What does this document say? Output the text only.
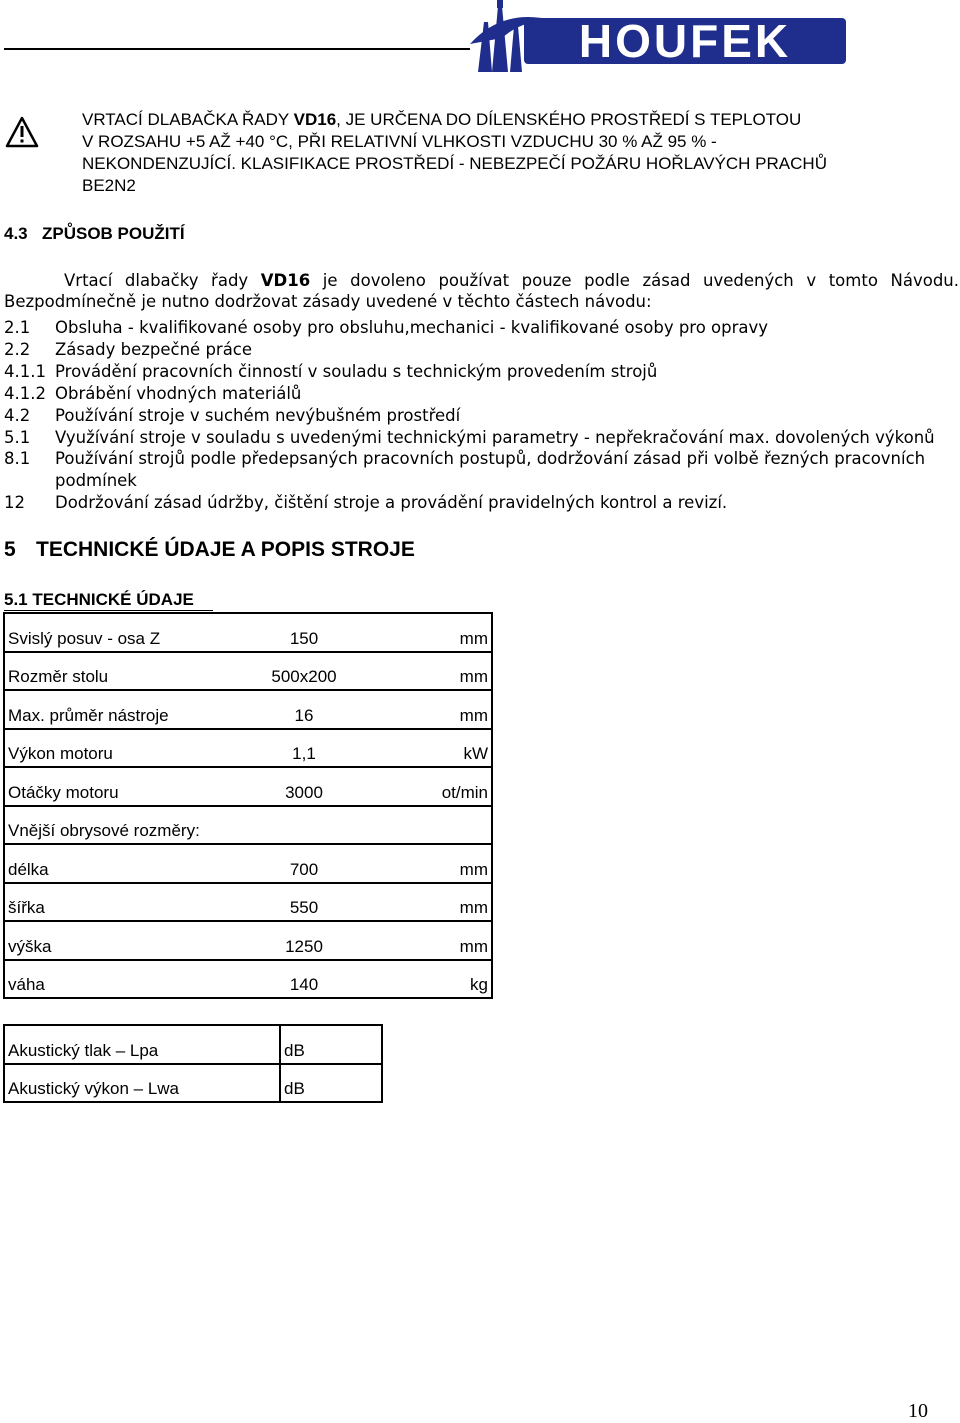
HOUFEK
VRTACÍ DLABAČKA ŘADY VD16, JE URČENA DO DÍLENSKÉHO PROSTŘEDÍ S TEPLOTOU
V ROZSAHU +5 AŽ +40 °C, PŘI RELATIVNÍ VLHKOSTI VZDUCHU 30 % AŽ 95 % -
NEKONDENZUJÍCÍ. KLASIFIKACE PROSTŘEDÍ - NEBEZPEČÍ POŽÁRU HOŘLAVÝCH PRACHŮ
BE2N2
4.3 ZPŮSOB POUŽITÍ
Vrtací dlabačky řady VD16 je dovoleno používat pouze podle zásad uvedených v tomto Návodu.
Bezpodmínečně je nutno dodržovat zásady uvedené v těchto částech návodu:
2.1	Obsluha - kvalifikované osoby pro obsluhu,mechanici - kvalifikované osoby pro opravy
2.2	Zásady bezpečné práce
4.1.1 Provádění pracovních činností v souladu s technickým provedením strojů
4.1.2 Obrábění vhodných materiálů
4.2	Používání stroje v suchém nevýbušném prostředí
5.1	Využívání stroje v souladu s uvedenými technickými parametry - nepřekračování max. dovolených výkonů
8.1	Používání strojů podle předepsaných pracovních postupů, dodržování zásad při volbě řezných pracovních podmínek
12	Dodržování zásad údržby, čištění stroje a provádění pravidelných kontrol a revizí.
5 TECHNICKÉ ÚDAJE A POPIS STROJE
5.1 TECHNICKÉ ÚDAJE
Svislý posuv - osa Z	150	mm
Rozměr stolu	500x200	mm
Max. průměr nástroje	16	mm
Výkon motoru	1,1	kW
Otáčky motoru	3000	ot/min
Vnější obrysové rozměry:		
délka	700	mm
šířka	550	mm
výška	1250	mm
váha	140	kg
Akustický tlak – Lpa	dB
Akustický výkon – Lwa	dB
10
